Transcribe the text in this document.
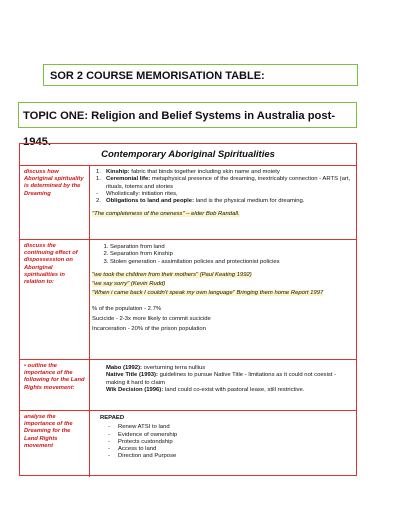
SOR 2 COURSE MEMORISATION TABLE:
TOPIC ONE: Religion and Belief Systems in Australia post-1945.
Contemporary Aboriginal Spiritualities
discuss how Aboriginal spirituality is determined by the Dreaming
1. Kinship: fabric that binds together including skin name and moiety
1. Ceremonial life: metaphysical presence of the dreaming, inextricably connection - ARTS (art, rituals, totems and stories
- Wholistically: initiation rites,
2. Obligations to land and people: land is the physical medium for dreaming.
"The completeness of the oneness" – elder Bob Randall.
discuss the continuing effect of dispossession on Aboriginal spiritualities in relation to:
1. Separation from land
2. Separation from Kinship
3. Stolen generation - assimilation policies and protectionist policies
"we took the children from their mothers" (Paul Keating 1992)
"we say sorry" (Kevin Rudd)
"When i came back I couldn't speak my own language" Bringing them home Report 1997
% of the population - 2.7%
Sucicide - 2-3x more likely to commit sucicide
Incarceration - 20% of the prison population
• outline the importance of the following for the Land Rights movement:
Mabo (1992): overturning terra nullius
Native Title (1993): guidelines to pursue Native Title - limitations as it could not coexist - making it hard to claim
Wik Decision (1996): land could co-exist with pastoral lease, still restrictive.
analyse the importance of the Dreaming for the Land Rights movement
REPAED
- Renew ATSI to land
- Evidence of ownership
- Protects custondship
- Access to land
- Direction and Purpose
